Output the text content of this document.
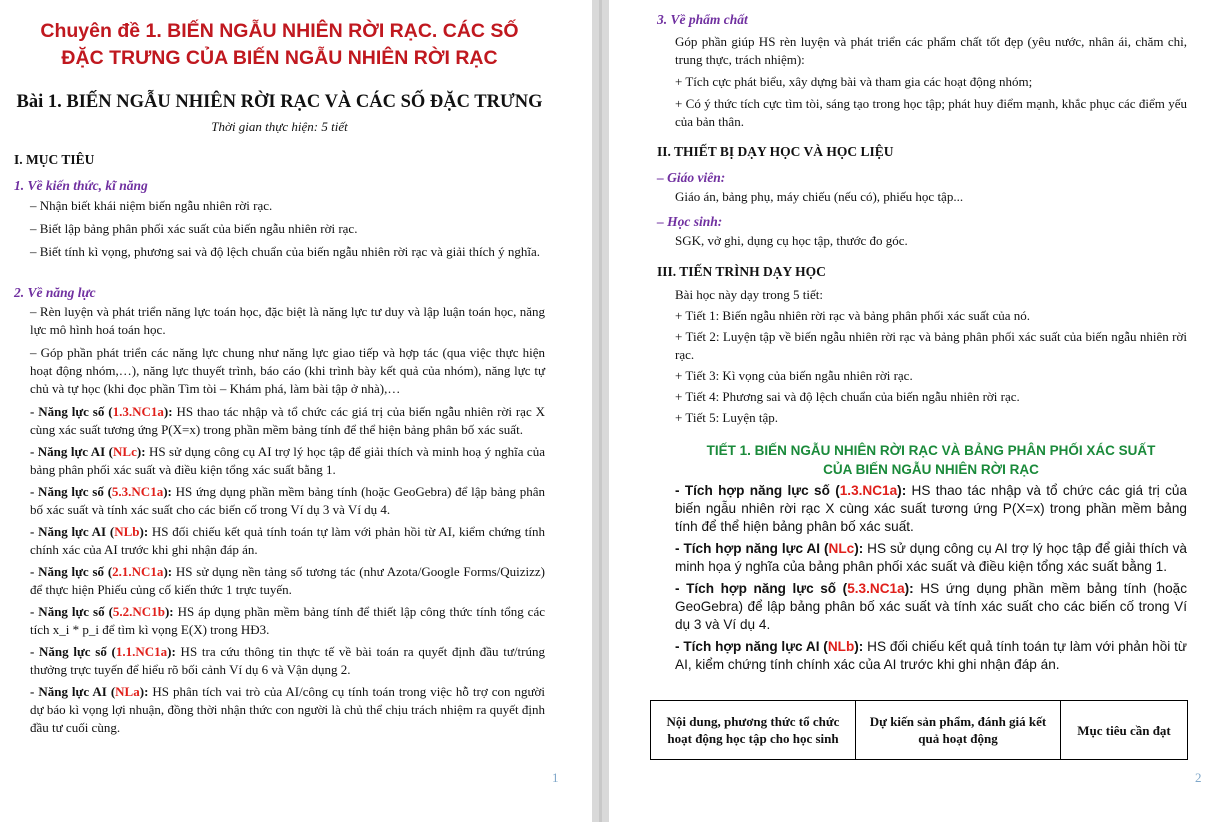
Chuyên đề 1. BIẾN NGẪU NHIÊN RỜI RẠC. CÁC SỐ
ĐẶC TRƯNG CỦA BIẾN NGẪU NHIÊN RỜI RẠC
Bài 1. BIẾN NGẪU NHIÊN RỜI RẠC VÀ CÁC SỐ ĐẶC TRƯNG
Thời gian thực hiện: 5 tiết
I. MỤC TIÊU
1. Về kiến thức, kĩ năng
– Nhận biết khái niệm biến ngẫu nhiên rời rạc.
– Biết lập bảng phân phối xác suất của biến ngẫu nhiên rời rạc.
– Biết tính kì vọng, phương sai và độ lệch chuẩn của biến ngẫu nhiên rời rạc và giải thích ý nghĩa.
2. Về năng lực
– Rèn luyện và phát triển năng lực toán học, đặc biệt là năng lực tư duy và lập luận toán học, năng lực mô hình hoá toán học.
– Góp phần phát triển các năng lực chung như năng lực giao tiếp và hợp tác (qua việc thực hiện hoạt động nhóm,…), năng lực thuyết trình, báo cáo (khi trình bày kết quả của nhóm), năng lực tự chủ và tự học (khi đọc phần Tìm tòi – Khám phá, làm bài tập ở nhà),…
- Năng lực số (1.3.NC1a): HS thao tác nhập và tổ chức các giá trị của biến ngẫu nhiên rời rạc X cùng xác suất tương ứng P(X=x) trong phần mềm bảng tính để thể hiện bảng phân bố xác suất.
- Năng lực AI (NLc): HS sử dụng công cụ AI trợ lý học tập để giải thích và minh hoạ ý nghĩa của bảng phân phối xác suất và điều kiện tổng xác suất bằng 1.
- Năng lực số (5.3.NC1a): HS ứng dụng phần mềm bảng tính (hoặc GeoGebra) để lập bảng phân bố xác suất và tính xác suất cho các biến cố trong Ví dụ 3 và Ví dụ 4.
- Năng lực AI (NLb): HS đối chiếu kết quả tính toán tự làm với phản hồi từ AI, kiểm chứng tính chính xác của AI trước khi ghi nhận đáp án.
- Năng lực số (2.1.NC1a): HS sử dụng nền tảng số tương tác (như Azota/Google Forms/Quizizz) để thực hiện Phiếu củng cố kiến thức 1 trực tuyến.
- Năng lực số (5.2.NC1b): HS áp dụng phần mềm bảng tính để thiết lập công thức tính tổng các tích x_i * p_i để tìm kì vọng E(X) trong HĐ3.
- Năng lực số (1.1.NC1a): HS tra cứu thông tin thực tế về bài toán ra quyết định đầu tư/trúng thưởng trực tuyến để hiểu rõ bối cảnh Ví dụ 6 và Vận dụng 2.
- Năng lực AI (NLa): HS phân tích vai trò của AI/công cụ tính toán trong việc hỗ trợ con người dự báo kì vọng lợi nhuận, đồng thời nhận thức con người là chủ thể chịu trách nhiệm ra quyết định đầu tư cuối cùng.
1
3. Về phẩm chất
Góp phần giúp HS rèn luyện và phát triển các phẩm chất tốt đẹp (yêu nước, nhân ái, chăm chỉ, trung thực, trách nhiệm):
+ Tích cực phát biểu, xây dựng bài và tham gia các hoạt động nhóm;
+ Có ý thức tích cực tìm tòi, sáng tạo trong học tập; phát huy điểm mạnh, khắc phục các điểm yếu của bản thân.
II. THIẾT BỊ DẠY HỌC VÀ HỌC LIỆU
– Giáo viên:
Giáo án, bảng phụ, máy chiếu (nếu có), phiếu học tập...
– Học sinh:
SGK, vở ghi, dụng cụ học tập, thước đo góc.
III. TIẾN TRÌNH DẠY HỌC
Bài học này dạy trong 5 tiết:
+ Tiết 1: Biến ngẫu nhiên rời rạc và bảng phân phối xác suất của nó.
+ Tiết 2: Luyện tập về biến ngẫu nhiên rời rạc và bảng phân phối xác suất của biến ngẫu nhiên rời rạc.
+ Tiết 3: Kì vọng của biến ngẫu nhiên rời rạc.
+ Tiết 4: Phương sai và độ lệch chuẩn của biến ngẫu nhiên rời rạc.
+ Tiết 5: Luyện tập.
TIẾT 1. BIẾN NGẪU NHIÊN RỜI RẠC VÀ BẢNG PHÂN PHỐI XÁC SUẤT
CỦA BIẾN NGẪU NHIÊN RỜI RẠC
- Tích hợp năng lực số (1.3.NC1a): HS thao tác nhập và tổ chức các giá trị của biến ngẫu nhiên rời rạc X cùng xác suất tương ứng P(X=x) trong phần mềm bảng tính để thể hiện bảng phân bố xác suất.
- Tích hợp năng lực AI (NLc): HS sử dụng công cụ AI trợ lý học tập để giải thích và minh họa ý nghĩa của bảng phân phối xác suất và điều kiện tổng xác suất bằng 1.
- Tích hợp năng lực số (5.3.NC1a): HS ứng dụng phần mềm bảng tính (hoặc GeoGebra) để lập bảng phân bố xác suất và tính xác suất cho các biến cố trong Ví dụ 3 và Ví dụ 4.
- Tích hợp năng lực AI (NLb): HS đối chiếu kết quả tính toán tự làm với phản hồi từ AI, kiểm chứng tính chính xác của AI trước khi ghi nhận đáp án.
Nội dung, phương thức tổ chức hoạt động học tập cho học sinh	Dự kiến sản phẩm, đánh giá kết quả hoạt động	Mục tiêu cần đạt
2
